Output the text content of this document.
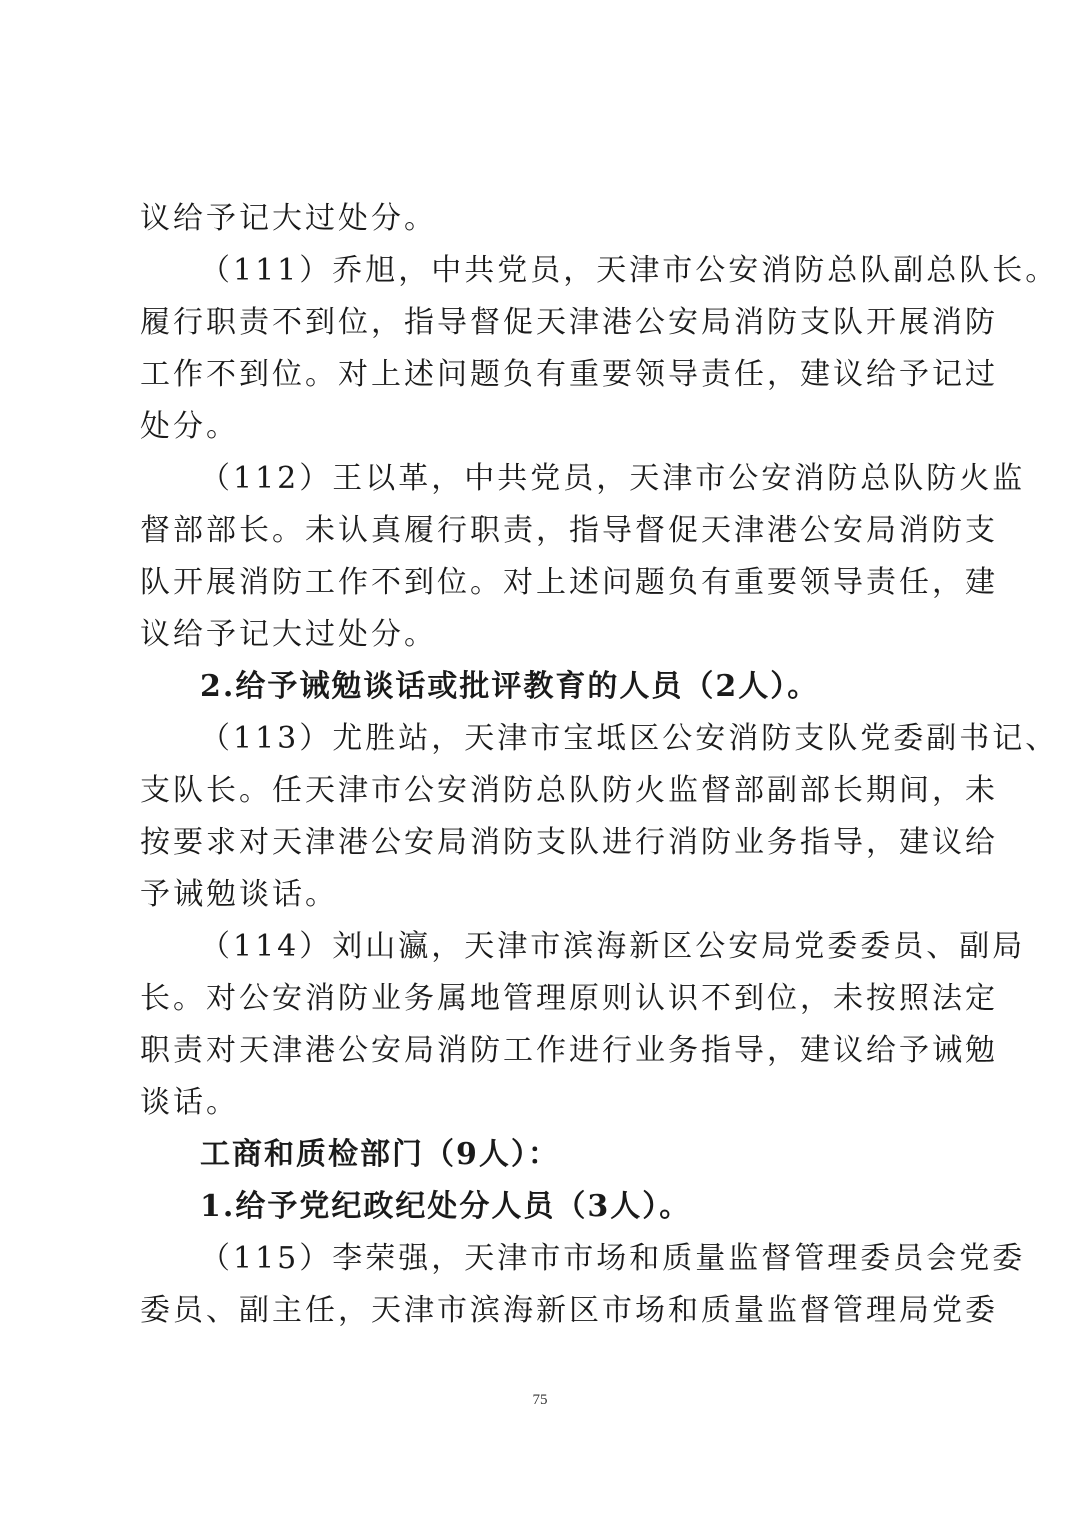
议给予记大过处分。
（111）乔旭，中共党员，天津市公安消防总队副总队长。
履行职责不到位，指导督促天津港公安局消防支队开展消防
工作不到位。对上述问题负有重要领导责任，建议给予记过
处分。
（112）王以革，中共党员，天津市公安消防总队防火监
督部部长。未认真履行职责，指导督促天津港公安局消防支
队开展消防工作不到位。对上述问题负有重要领导责任，建
议给予记大过处分。
2.给予诫勉谈话或批评教育的人员（2人）。
（113）尤胜站，天津市宝坻区公安消防支队党委副书记、
支队长。任天津市公安消防总队防火监督部副部长期间，未
按要求对天津港公安局消防支队进行消防业务指导，建议给
予诫勉谈话。
（114）刘山瀛，天津市滨海新区公安局党委委员、副局
长。对公安消防业务属地管理原则认识不到位，未按照法定
职责对天津港公安局消防工作进行业务指导，建议给予诫勉
谈话。
工商和质检部门（9人）：
1.给予党纪政纪处分人员（3人）。
（115）李荣强，天津市市场和质量监督管理委员会党委
委员、副主任，天津市滨海新区市场和质量监督管理局党委
75
